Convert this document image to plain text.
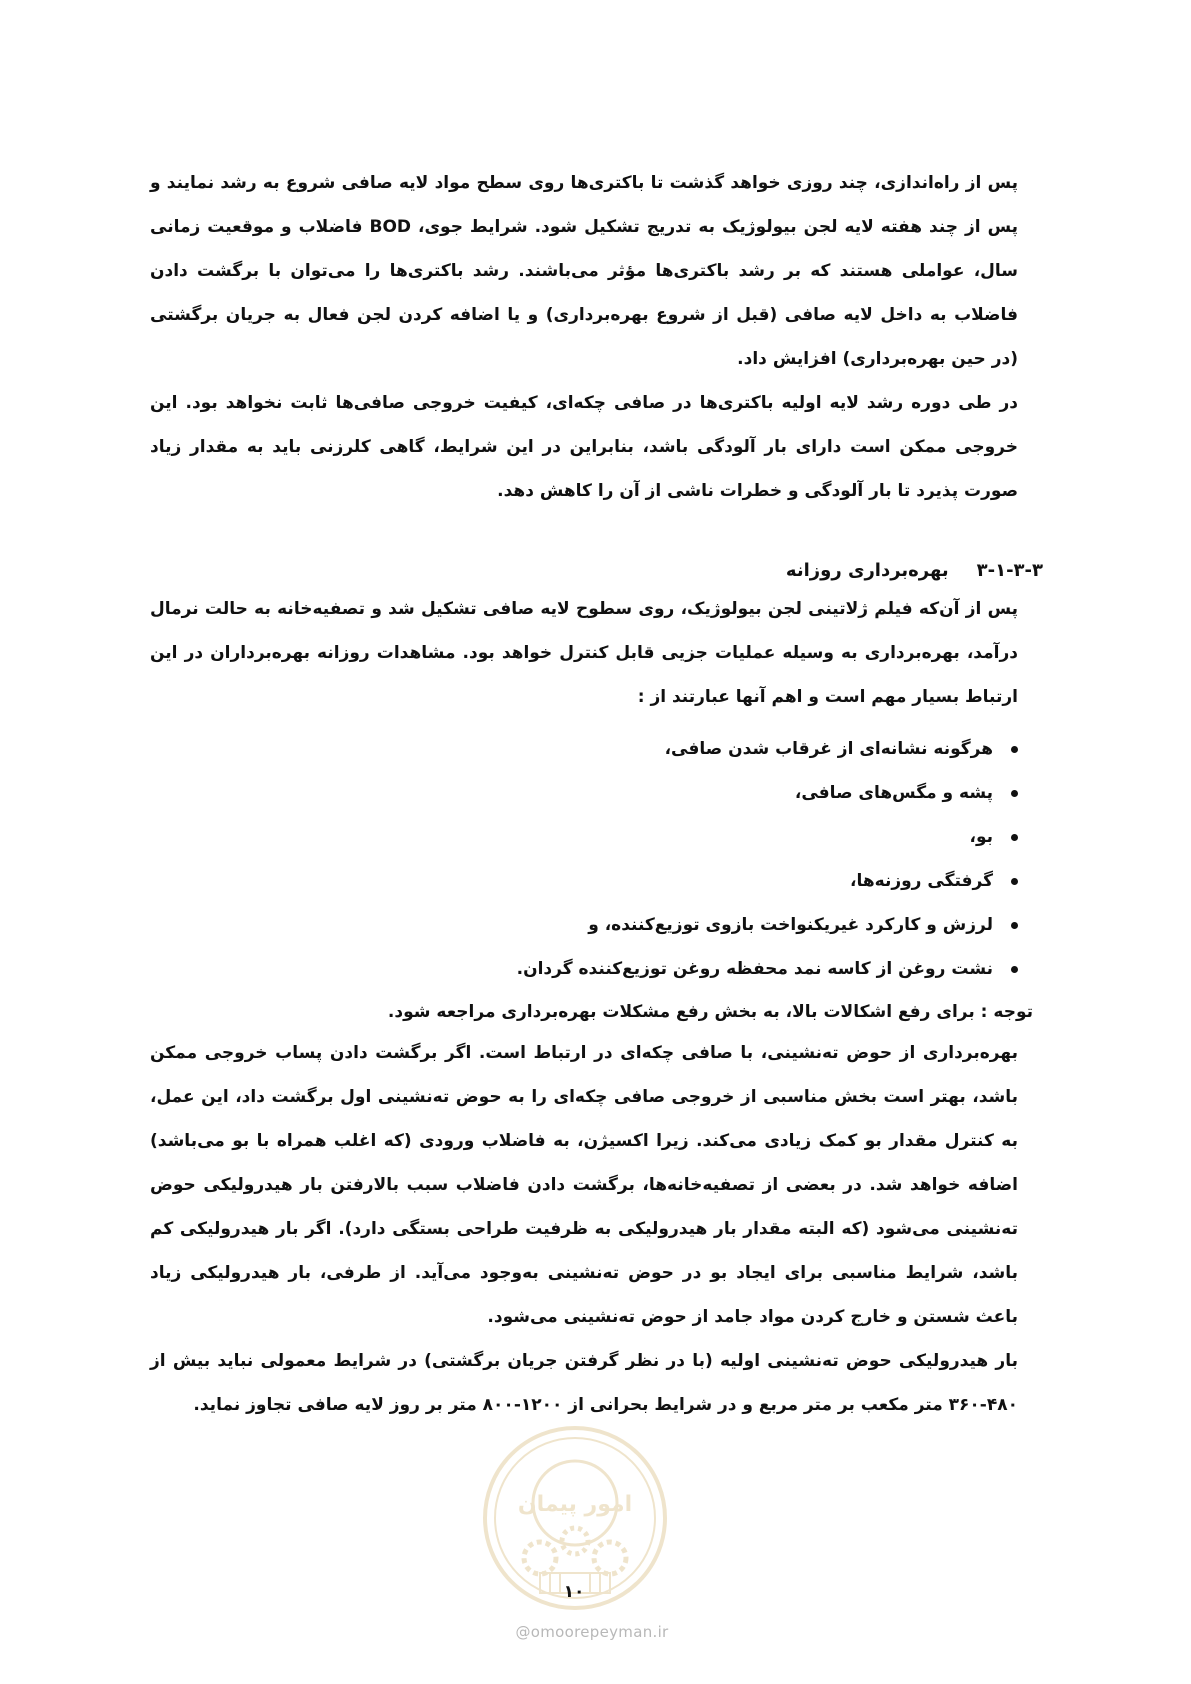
پس از راه‌اندازی، چند روزی خواهد گذشت تا باکتری‌ها روی سطح مواد لایه صافی شروع به رشد نمایند و پس از چند هفته لایه لجن بیولوژیک به تدریج تشکیل شود. شرایط جوی، BOD فاضلاب و موقعیت زمانی سال، عواملی هستند که بر رشد باکتری‌ها مؤثر می‌باشند. رشد باکتری‌ها را می‌توان با برگشت دادن فاضلاب به داخل لایه صافی (قبل از شروع بهره‌برداری) و یا اضافه کردن لجن فعال به جریان برگشتی (در حین بهره‌برداری) افزایش داد.

در طی دوره رشد لایه اولیه باکتری‌ها در صافی چکه‌ای، کیفیت خروجی صافی‌ها ثابت نخواهد بود. این خروجی ممکن است دارای بار آلودگی باشد، بنابراین در این شرایط، گاهی کلرزنی باید به مقدار زیاد صورت پذیرد تا بار آلودگی و خطرات ناشی از آن را کاهش دهد.

۳-۱-۳-۳بهره‌برداری روزانه

پس از آن‌که فیلم ژلاتینی لجن بیولوژیک، روی سطوح لایه صافی تشکیل شد و تصفیه‌خانه به حالت نرمال درآمد، بهره‌برداری به وسیله عملیات جزیی قابل کنترل خواهد بود. مشاهدات روزانه بهره‌برداران در این ارتباط بسیار مهم است و اهم آنها عبارتند از :

هرگونه نشانه‌ای از غرقاب شدن صافی،
پشه و مگس‌های صافی،
بو،
گرفتگی روزنه‌ها،
لرزش و کارکرد غیریکنواخت بازوی توزیع‌کننده، و
نشت روغن از کاسه نمد محفظه روغن توزیع‌کننده گردان.
توجه : برای رفع اشکالات بالا، به بخش رفع مشکلات بهره‌برداری مراجعه شود.

بهره‌برداری از حوض ته‌نشینی، با صافی چکه‌ای در ارتباط است. اگر برگشت دادن پساب خروجی ممکن باشد، بهتر است بخش مناسبی از خروجی صافی چکه‌ای را به حوض ته‌نشینی اول برگشت داد، این عمل، به کنترل مقدار بو کمک زیادی می‌کند. زیرا اکسیژن، به فاضلاب ورودی (که اغلب همراه با بو می‌باشد) اضافه خواهد شد. در بعضی از تصفیه‌خانه‌ها، برگشت دادن فاضلاب سبب بالارفتن بار هیدرولیکی حوض ته‌نشینی می‌شود (که البته مقدار بار هیدرولیکی به ظرفیت طراحی بستگی دارد). اگر بار هیدرولیکی کم باشد، شرایط مناسبی برای ایجاد بو در حوض ته‌نشینی به‌وجود می‌آید. از طرفی، بار هیدرولیکی زیاد باعث شستن و خارج کردن مواد جامد از حوض ته‌نشینی می‌شود.

بار هیدرولیکی حوض ته‌نشینی اولیه (با در نظر گرفتن جریان برگشتی) در شرایط معمولی نباید بیش از ۴۸۰-۳۶۰ متر مکعب بر متر مربع و در شرایط بحرانی از ۱۲۰۰-۸۰۰ متر بر روز لایه صافی تجاوز نماید.

امور پیمان
۱۰
@omoorepeyman.ir
